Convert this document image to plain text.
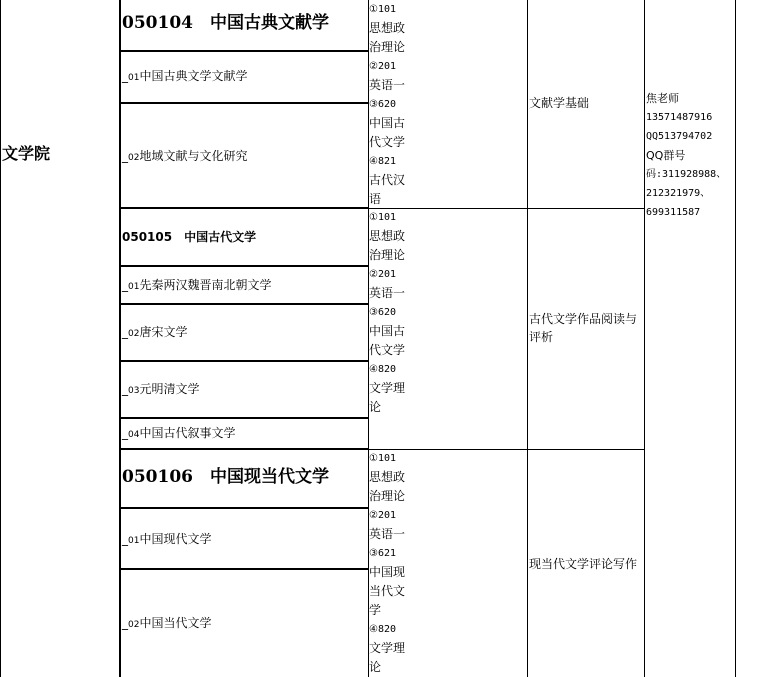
文学院
050104　中国古典文献学
_01中国古典文学文献学
_02地域文献与文化研究
①101
思想政
治理论
②201
英语一
③620
中国古
代文学
④821
古代汉
语
文献学基础
050105　中国古代文学
_01先秦两汉魏晋南北朝文学
_02唐宋文学
_03元明清文学
_04中国古代叙事文学
①101
思想政
治理论
②201
英语一
③620
中国古
代文学
④820
文学理
论
古代文学作品阅读与
评析
050106　中国现当代文学
_01中国现代文学
_02中国当代文学
①101
思想政
治理论
②201
英语一
③621
中国现
当代文
学
④820
文学理
论
现当代文学评论写作
焦老师
13571487916
QQ513794702
QQ群号
码:311928988、
212321979、
699311587
